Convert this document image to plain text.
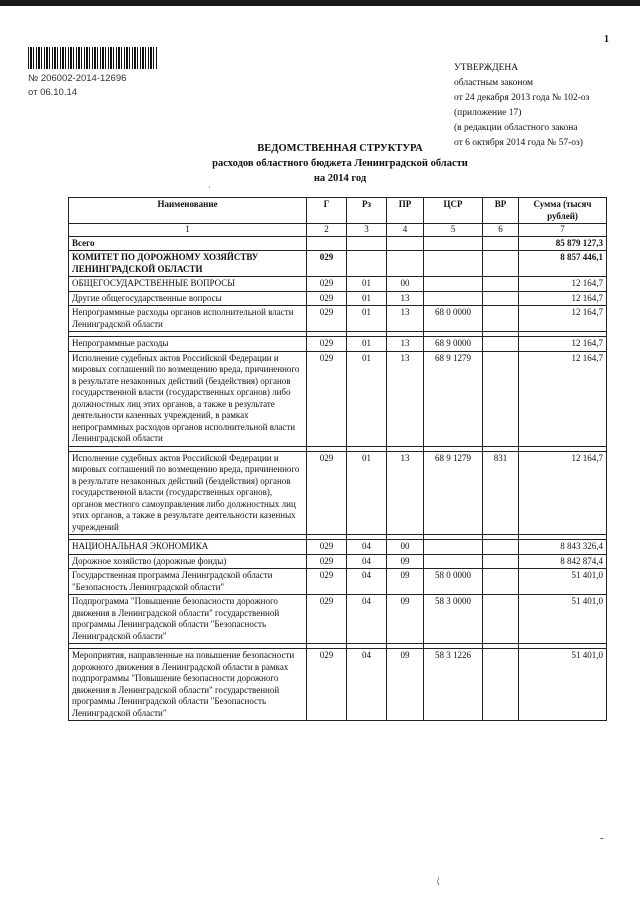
1
№ 206002-2014-12696
от 06.10.14
УТВЕРЖДЕНА
областным законом
от 24 декабря 2013 года № 102-оз
(приложение 17)
(в редакции областного закона
от 6 октября 2014 года № 57-оз)
ВЕДОМСТВЕННАЯ СТРУКТУРА
расходов областного бюджета Ленинградской области
на 2014 год
·
Наименование	Г	Рз	ПР	ЦСР	ВР	Сумма (тысяч рублей)
1	2	3	4	5	6	7
Всего						85 879 127,3
КОМИТЕТ ПО ДОРОЖНОМУ ХОЗЯЙСТВУ ЛЕНИНГРАДСКОЙ ОБЛАСТИ	029					8 857 446,1
ОБЩЕГОСУДАРСТВЕННЫЕ ВОПРОСЫ	029	01	00			12 164,7
Другие общегосударственные вопросы	029	01	13			12 164,7
Непрограммные расходы органов исполнительной власти Ленинградской области	029	01	13	68 0 0000		12 164,7

Непрограммные расходы	029	01	13	68 9 0000		12 164,7
Исполнение судебных актов Российской Федерации и мировых соглашений по возмещению вреда, причиненного в результате незаконных действий (бездействия) органов государственной власти (государственных органов) либо должностных лиц этих органов, а также в результате деятельности казенных учреждений, в рамках непрограммных расходов органов исполнительной власти Ленинградской области	029	01	13	68 9 1279		12 164,7

Исполнение судебных актов Российской Федерации и мировых соглашений по возмещению вреда, причиненного в результате незаконных действий (бездействия) органов государственной власти (государственных органов), органов местного самоуправления либо должностных лиц этих органов, а также в результате деятельности казенных учреждений	029	01	13	68 9 1279	831	12 164,7

НАЦИОНАЛЬНАЯ ЭКОНОМИКА	029	04	00			8 843 326,4
Дорожное хозяйство (дорожные фонды)	029	04	09			8 842 874,4
Государственная программа Ленинградской области "Безопасность Ленинградской области"	029	04	09	58 0 0000		51 401,0
Подпрограмма "Повышение безопасности дорожного движения в Ленинградской области" государственной программы Ленинградской области "Безопасность Ленинградской области"	029	04	09	58 3 0000		51 401,0

Мероприятия, направленные на повышение безопасности дорожного движения в Ленинградской области в рамках подпрограммы "Повышение безопасности дорожного движения в Ленинградской области" государственной программы Ленинградской области "Безопасность Ленинградской области"	029	04	09	58 3 1226		51 401,0
-
\.
